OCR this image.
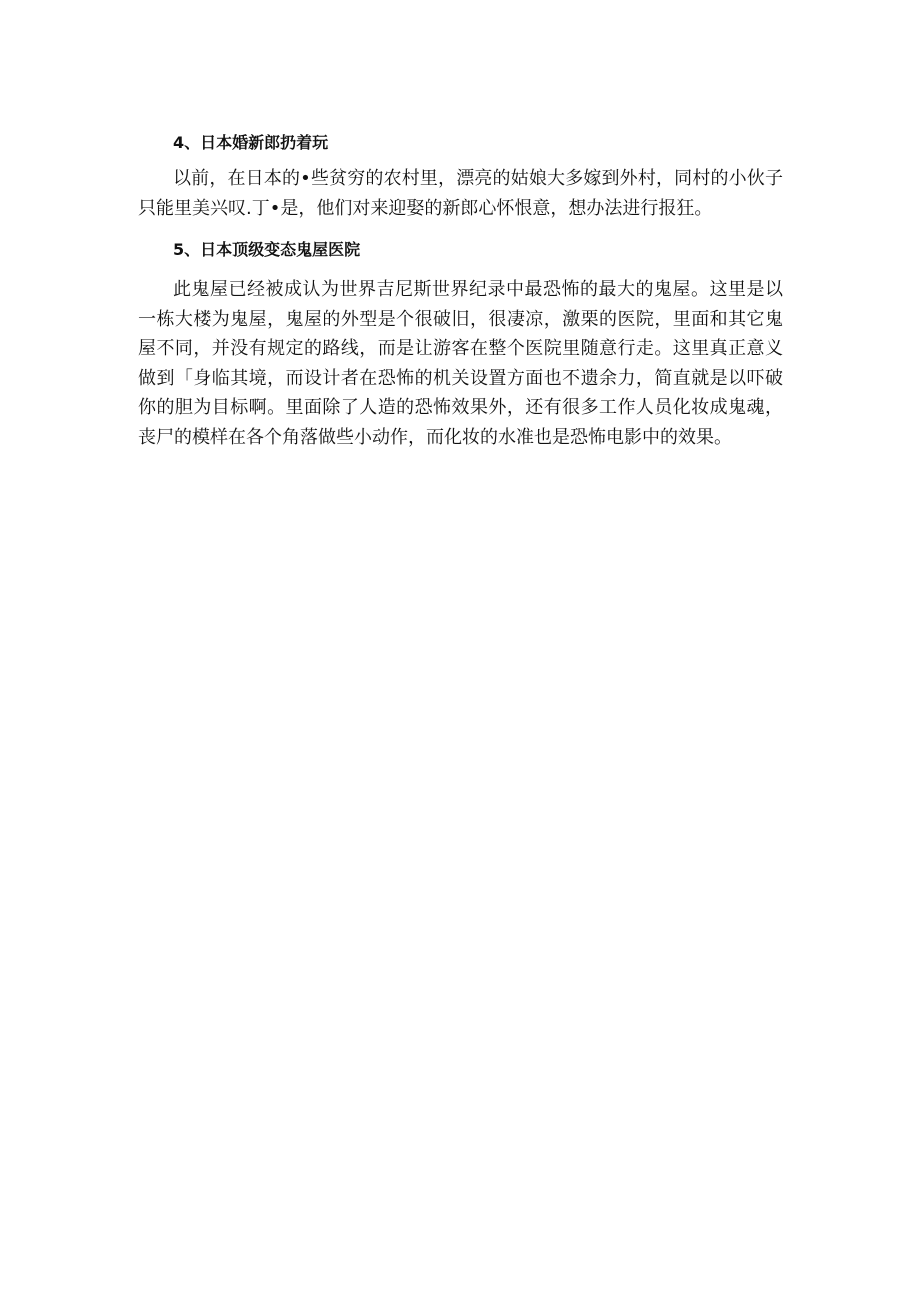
4、日本婚新郎扔着玩

以前，在日本的•些贫穷的农村里，漂亮的姑娘大多嫁到外村，同村的小伙子只能里美兴叹.丁•是，他们对来迎娶的新郎心怀恨意，想办法进行报狂。

5、日本顶级变态鬼屋医院

此鬼屋已经被成认为世界吉尼斯世界纪录中最恐怖的最大的鬼屋。这里是以一栋大楼为鬼屋，鬼屋的外型是个很破旧，很凄凉，激栗的医院，里面和其它鬼屋不同，并没有规定的路线，而是让游客在整个医院里随意行走。这里真正意义做到「身临其境，而设计者在恐怖的机关设置方面也不遗余力，简直就是以吓破你的胆为目标啊。里面除了人造的恐怖效果外，还有很多工作人员化妆成鬼魂，丧尸的模样在各个角落做些小动作，而化妆的水准也是恐怖电影中的效果。
